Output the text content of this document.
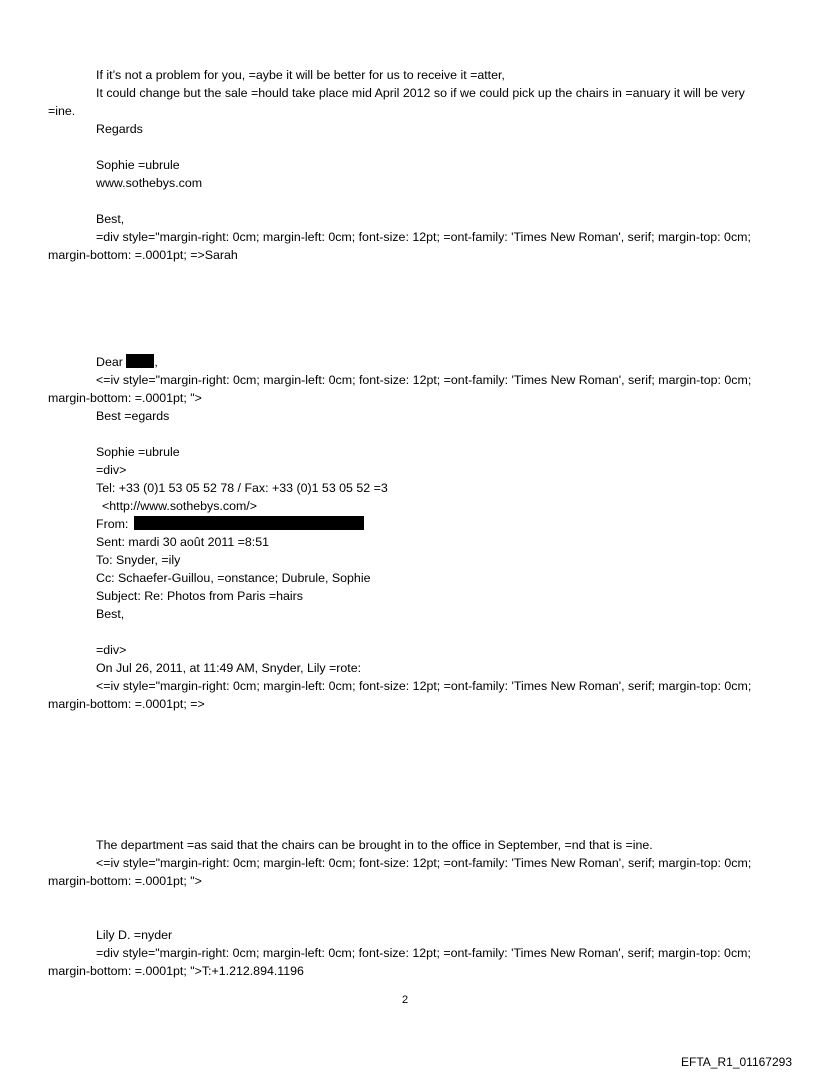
If it’s not a problem for you, =aybe it will be better for us to receive it =atter,
It could change but the sale =hould take place mid April 2012 so if we could pick up the chairs in =anuary it will be very =ine.
Regards
Sophie =ubrule
www.sothebys.com
Best,
=div style="margin-right: 0cm; margin-left: 0cm; font-size: 12pt; =ont-family: 'Times New Roman', serif; margin-top: 0cm; margin-bottom: =.0001pt; =>Sarah
Dear	,
<=iv style="margin-right: 0cm; margin-left: 0cm; font-size: 12pt; =ont-family: 'Times New Roman', serif; margin-top: 0cm; margin-bottom: =.0001pt; ">
Best =egards
Sophie =ubrule
=div>
Tel: +33 (0)1 53 05 52 78 / Fax: +33 (0)1 53 05 52 =3
<http://www.sothebys.com/>
From:
Sent: mardi 30 août 2011 =8:51
To: Snyder, =ily
Cc: Schaefer-Guillou, =onstance; Dubrule, Sophie
Subject: Re: Photos from Paris =hairs
Best,
=div>
On Jul 26, 2011, at 11:49 AM, Snyder, Lily =rote:
<=iv style="margin-right: 0cm; margin-left: 0cm; font-size: 12pt; =ont-family: 'Times New Roman', serif; margin-top: 0cm; margin-bottom: =.0001pt; =>
The department =as said that the chairs can be brought in to the office in September, =nd that is =ine.
<=iv style="margin-right: 0cm; margin-left: 0cm; font-size: 12pt; =ont-family: 'Times New Roman', serif; margin-top: 0cm; margin-bottom: =.0001pt; ">
Lily D. =nyder
=div style="margin-right: 0cm; margin-left: 0cm; font-size: 12pt; =ont-family: 'Times New Roman', serif; margin-top: 0cm; margin-bottom: =.0001pt; ">T:+1.212.894.1196
2
EFTA_R1_01167293
